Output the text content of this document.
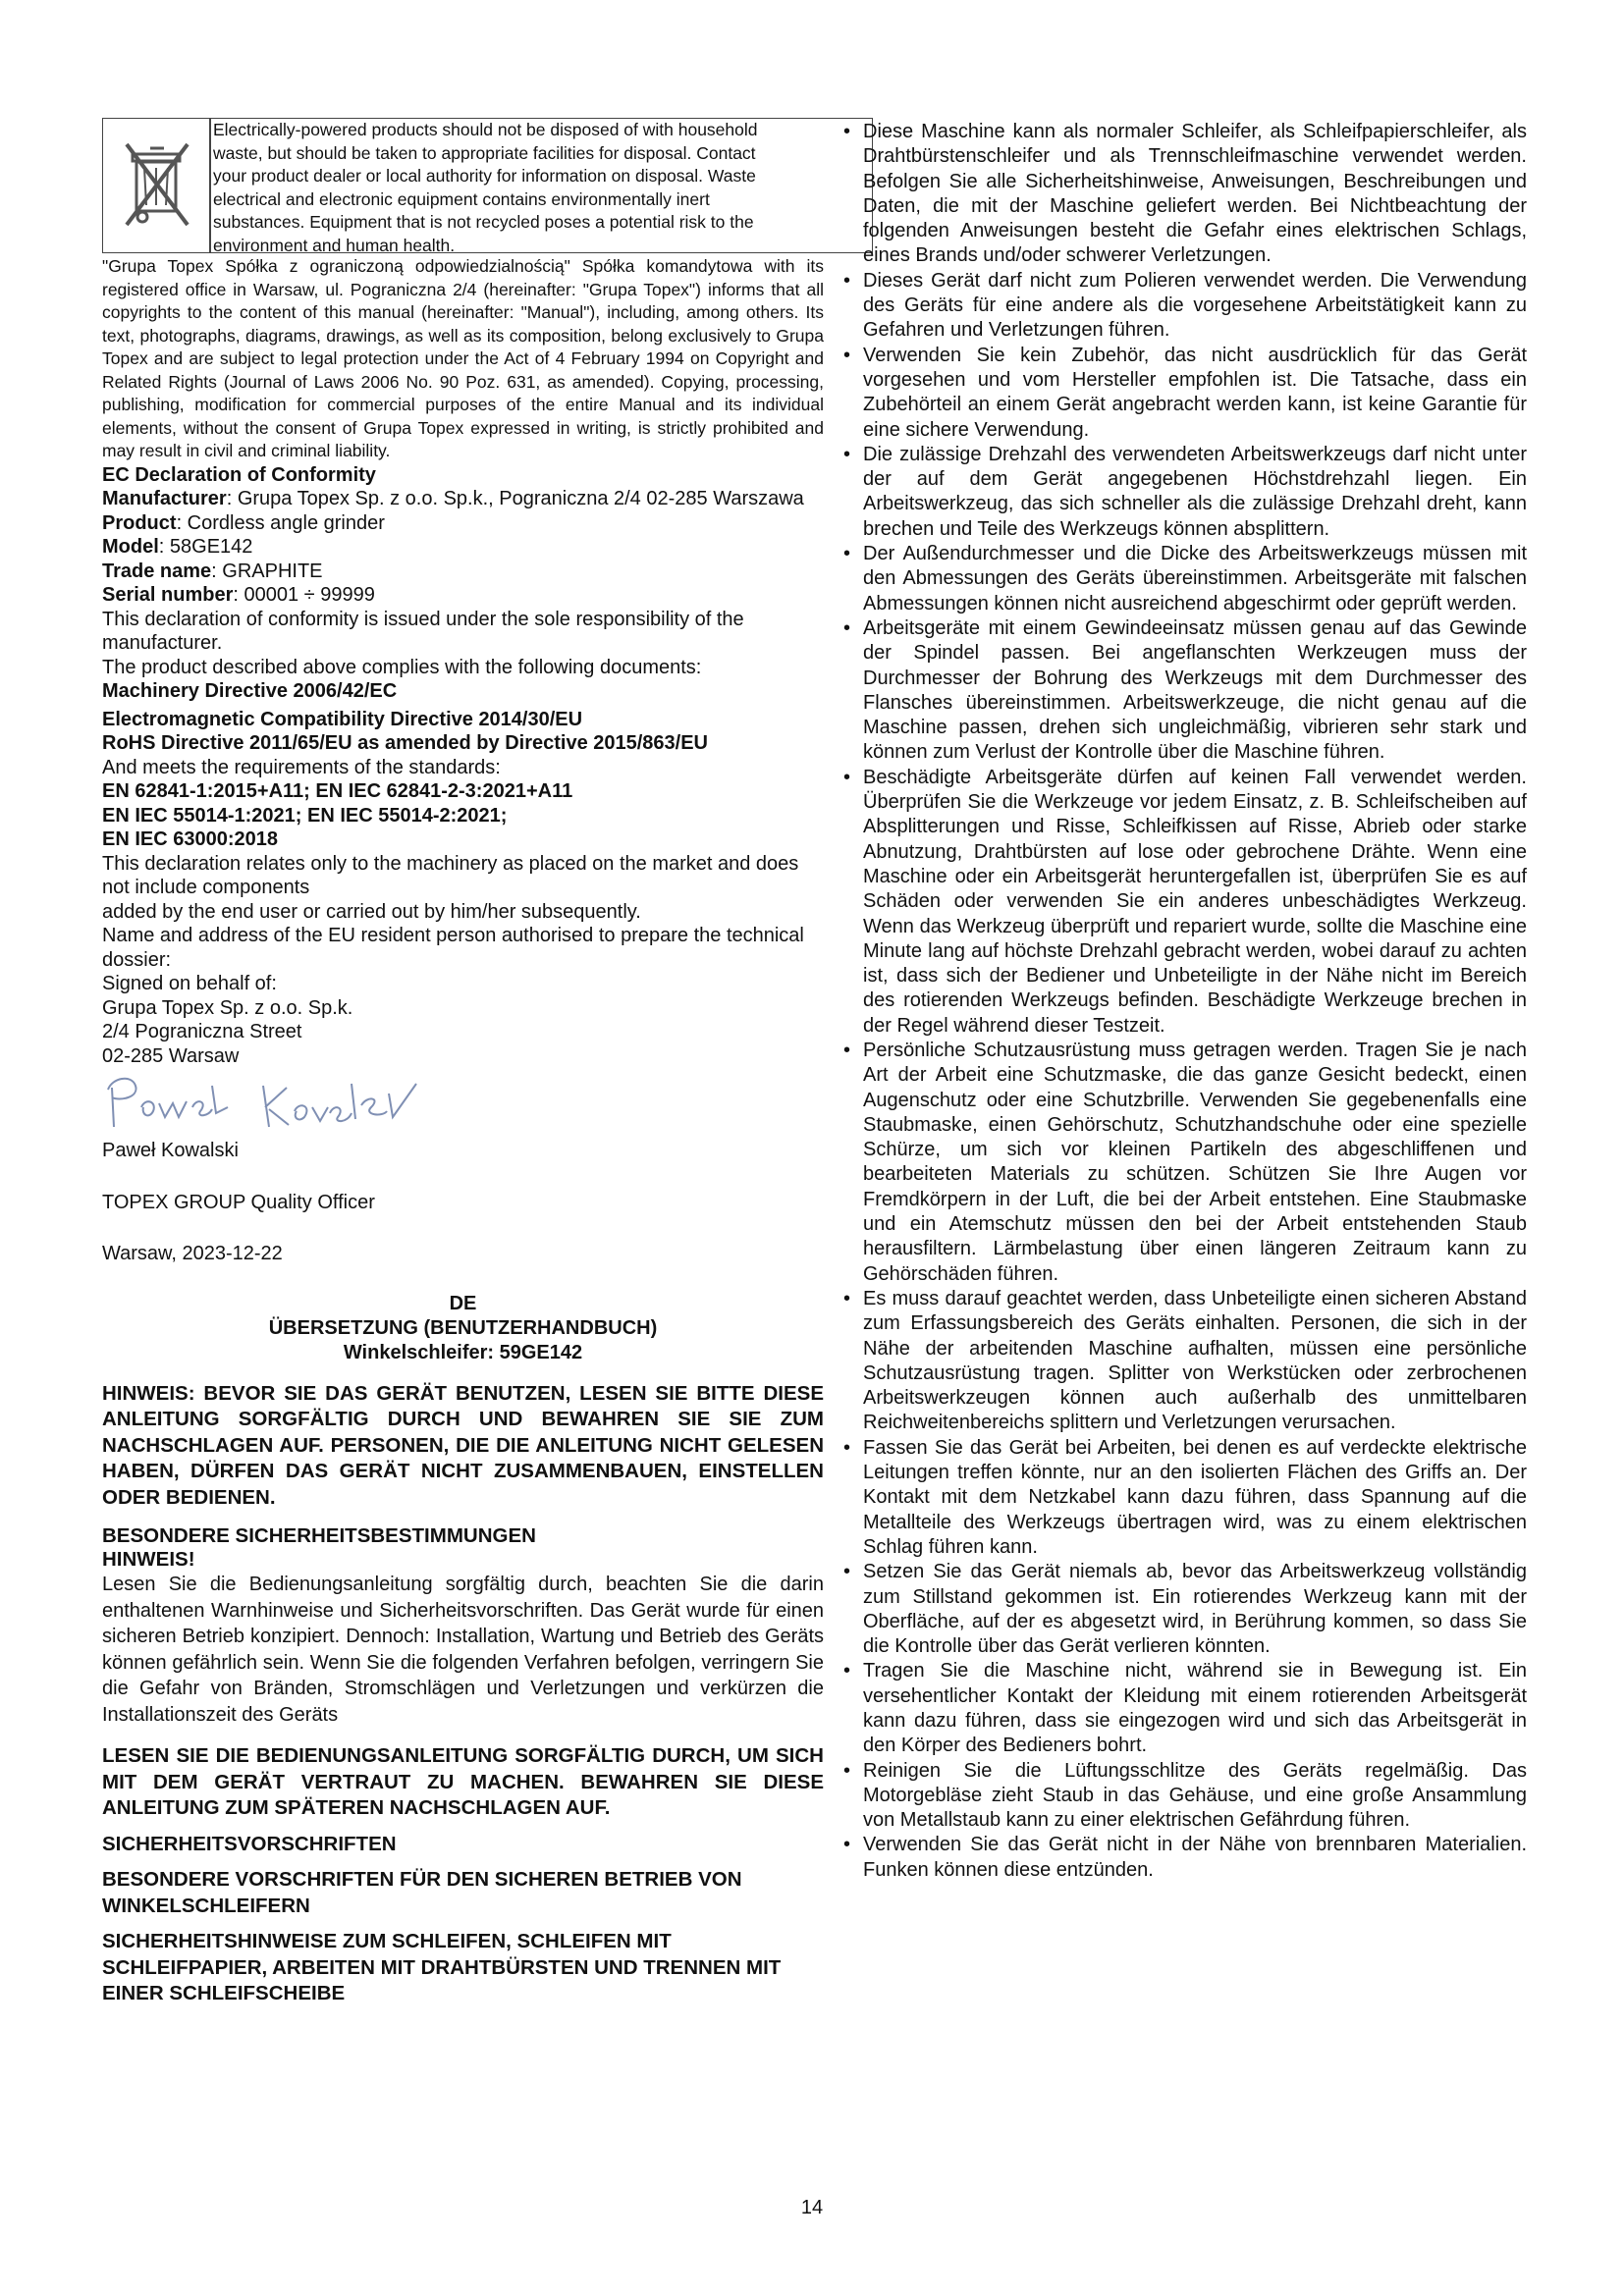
Electrically-powered products should not be disposed of with household

waste, but should be taken to appropriate facilities for disposal. Contact

your product dealer or local authority for information on disposal. Waste

electrical and electronic equipment contains environmentally inert

substances. Equipment that is not recycled poses a potential risk to the

environment and human health.

"Grupa Topex Spółka z ograniczoną odpowiedzialnością" Spółka komandytowa with its registered office in Warsaw, ul. Pograniczna 2/4 (hereinafter: "Grupa Topex") informs that all copyrights to the content of this manual (hereinafter: "Manual"), including, among others. Its text, photographs, diagrams, drawings, as well as its composition, belong exclusively to Grupa Topex and are subject to legal protection under the Act of 4 February 1994 on Copyright and Related Rights (Journal of Laws 2006 No. 90 Poz. 631, as amended). Copying, processing, publishing, modification for commercial purposes of the entire Manual and its individual elements, without the consent of Grupa Topex expressed in writing, is strictly prohibited and may result in civil and criminal liability.

EC Declaration of Conformity

Manufacturer: Grupa Topex Sp. z o.o. Sp.k., Pograniczna 2/4 02-285 Warszawa

Product: Cordless angle grinder

Model: 58GE142

Trade name: GRAPHITE

Serial number: 00001 ÷ 99999

This declaration of conformity is issued under the sole responsibility of the manufacturer.

The product described above complies with the following documents:

Machinery Directive 2006/42/EC

Electromagnetic Compatibility Directive 2014/30/EU

RoHS Directive 2011/65/EU as amended by Directive 2015/863/EU

And meets the requirements of the standards:

EN 62841-1:2015+A11; EN IEC 62841-2-3:2021+A11

EN IEC 55014-1:2021; EN IEC 55014-2:2021;

EN IEC 63000:2018

This declaration relates only to the machinery as placed on the market and does not include components

added by the end user or carried out by him/her subsequently.

Name and address of the EU resident person authorised to prepare the technical dossier:

Signed on behalf of:

Grupa Topex Sp. z o.o. Sp.k.

2/4 Pograniczna Street

02-285 Warsaw

Paweł Kowalski

TOPEX GROUP Quality Officer

Warsaw, 2023-12-22

DE
ÜBERSETZUNG (BENUTZERHANDBUCH)
Winkelschleifer: 59GE142

HINWEIS: BEVOR SIE DAS GERÄT BENUTZEN, LESEN SIE BITTE DIESE ANLEITUNG SORGFÄLTIG DURCH UND BEWAHREN SIE SIE ZUM NACHSCHLAGEN AUF. PERSONEN, DIE DIE ANLEITUNG NICHT GELESEN HABEN, DÜRFEN DAS GERÄT NICHT ZUSAMMENBAUEN, EINSTELLEN ODER BEDIENEN.

BESONDERE SICHERHEITSBESTIMMUNGEN

HINWEIS!

Lesen Sie die Bedienungsanleitung sorgfältig durch, beachten Sie die darin enthaltenen Warnhinweise und Sicherheitsvorschriften. Das Gerät wurde für einen sicheren Betrieb konzipiert. Dennoch: Installation, Wartung und Betrieb des Geräts können gefährlich sein. Wenn Sie die folgenden Verfahren befolgen, verringern Sie die Gefahr von Bränden, Stromschlägen und Verletzungen und verkürzen die Installationszeit des Geräts

LESEN SIE DIE BEDIENUNGSANLEITUNG SORGFÄLTIG DURCH, UM SICH MIT DEM GERÄT VERTRAUT ZU MACHEN. BEWAHREN SIE DIESE ANLEITUNG ZUM SPÄTEREN NACHSCHLAGEN AUF.

SICHERHEITSVORSCHRIFTEN

BESONDERE VORSCHRIFTEN FÜR DEN SICHEREN BETRIEB VON WINKELSCHLEIFERN

SICHERHEITSHINWEISE ZUM SCHLEIFEN, SCHLEIFEN MIT SCHLEIFPAPIER, ARBEITEN MIT DRAHTBÜRSTEN UND TRENNEN MIT EINER SCHLEIFSCHEIBE

• Diese Maschine kann als normaler Schleifer, als Schleifpapierschleifer, als Drahtbürstenschleifer und als Trennschleifmaschine verwendet werden. Befolgen Sie alle Sicherheitshinweise, Anweisungen, Beschreibungen und Daten, die mit der Maschine geliefert werden. Bei Nichtbeachtung der folgenden Anweisungen besteht die Gefahr eines elektrischen Schlags, eines Brands und/oder schwerer Verletzungen.
• Dieses Gerät darf nicht zum Polieren verwendet werden. Die Verwendung des Geräts für eine andere als die vorgesehene Arbeitstätigkeit kann zu Gefahren und Verletzungen führen.
• Verwenden Sie kein Zubehör, das nicht ausdrücklich für das Gerät vorgesehen und vom Hersteller empfohlen ist. Die Tatsache, dass ein Zubehörteil an einem Gerät angebracht werden kann, ist keine Garantie für eine sichere Verwendung.
• Die zulässige Drehzahl des verwendeten Arbeitswerkzeugs darf nicht unter der auf dem Gerät angegebenen Höchstdrehzahl liegen. Ein Arbeitswerkzeug, das sich schneller als die zulässige Drehzahl dreht, kann brechen und Teile des Werkzeugs können absplittern.
• Der Außendurchmesser und die Dicke des Arbeitswerkzeugs müssen mit den Abmessungen des Geräts übereinstimmen. Arbeitsgeräte mit falschen Abmessungen können nicht ausreichend abgeschirmt oder geprüft werden.
• Arbeitsgeräte mit einem Gewindeeinsatz müssen genau auf das Gewinde der Spindel passen. Bei angeflanschten Werkzeugen muss der Durchmesser der Bohrung des Werkzeugs mit dem Durchmesser des Flansches übereinstimmen. Arbeitswerkzeuge, die nicht genau auf die Maschine passen, drehen sich ungleichmäßig, vibrieren sehr stark und können zum Verlust der Kontrolle über die Maschine führen.
• Beschädigte Arbeitsgeräte dürfen auf keinen Fall verwendet werden. Überprüfen Sie die Werkzeuge vor jedem Einsatz, z. B. Schleifscheiben auf Absplitterungen und Risse, Schleifkissen auf Risse, Abrieb oder starke Abnutzung, Drahtbürsten auf lose oder gebrochene Drähte. Wenn eine Maschine oder ein Arbeitsgerät heruntergefallen ist, überprüfen Sie es auf Schäden oder verwenden Sie ein anderes unbeschädigtes Werkzeug. Wenn das Werkzeug überprüft und repariert wurde, sollte die Maschine eine Minute lang auf höchste Drehzahl gebracht werden, wobei darauf zu achten ist, dass sich der Bediener und Unbeteiligte in der Nähe nicht im Bereich des rotierenden Werkzeugs befinden. Beschädigte Werkzeuge brechen in der Regel während dieser Testzeit.
• Persönliche Schutzausrüstung muss getragen werden. Tragen Sie je nach Art der Arbeit eine Schutzmaske, die das ganze Gesicht bedeckt, einen Augenschutz oder eine Schutzbrille. Verwenden Sie gegebenenfalls eine Staubmaske, einen Gehörschutz, Schutzhandschuhe oder eine spezielle Schürze, um sich vor kleinen Partikeln des abgeschliffenen und bearbeiteten Materials zu schützen. Schützen Sie Ihre Augen vor Fremdkörpern in der Luft, die bei der Arbeit entstehen. Eine Staubmaske und ein Atemschutz müssen den bei der Arbeit entstehenden Staub herausfiltern. Lärmbelastung über einen längeren Zeitraum kann zu Gehörschäden führen.
• Es muss darauf geachtet werden, dass Unbeteiligte einen sicheren Abstand zum Erfassungsbereich des Geräts einhalten. Personen, die sich in der Nähe der arbeitenden Maschine aufhalten, müssen eine persönliche Schutzausrüstung tragen. Splitter von Werkstücken oder zerbrochenen Arbeitswerkzeugen können auch außerhalb des unmittelbaren Reichweitenbereichs splittern und Verletzungen verursachen.
• Fassen Sie das Gerät bei Arbeiten, bei denen es auf verdeckte elektrische Leitungen treffen könnte, nur an den isolierten Flächen des Griffs an. Der Kontakt mit dem Netzkabel kann dazu führen, dass Spannung auf die Metallteile des Werkzeugs übertragen wird, was zu einem elektrischen Schlag führen kann.
• Setzen Sie das Gerät niemals ab, bevor das Arbeitswerkzeug vollständig zum Stillstand gekommen ist. Ein rotierendes Werkzeug kann mit der Oberfläche, auf der es abgesetzt wird, in Berührung kommen, so dass Sie die Kontrolle über das Gerät verlieren könnten.
• Tragen Sie die Maschine nicht, während sie in Bewegung ist. Ein versehentlicher Kontakt der Kleidung mit einem rotierenden Arbeitsgerät kann dazu führen, dass sie eingezogen wird und sich das Arbeitsgerät in den Körper des Bedieners bohrt.
• Reinigen Sie die Lüftungsschlitze des Geräts regelmäßig. Das Motorgebläse zieht Staub in das Gehäuse, und eine große Ansammlung von Metallstaub kann zu einer elektrischen Gefährdung führen.
• Verwenden Sie das Gerät nicht in der Nähe von brennbaren Materialien. Funken können diese entzünden.
14
